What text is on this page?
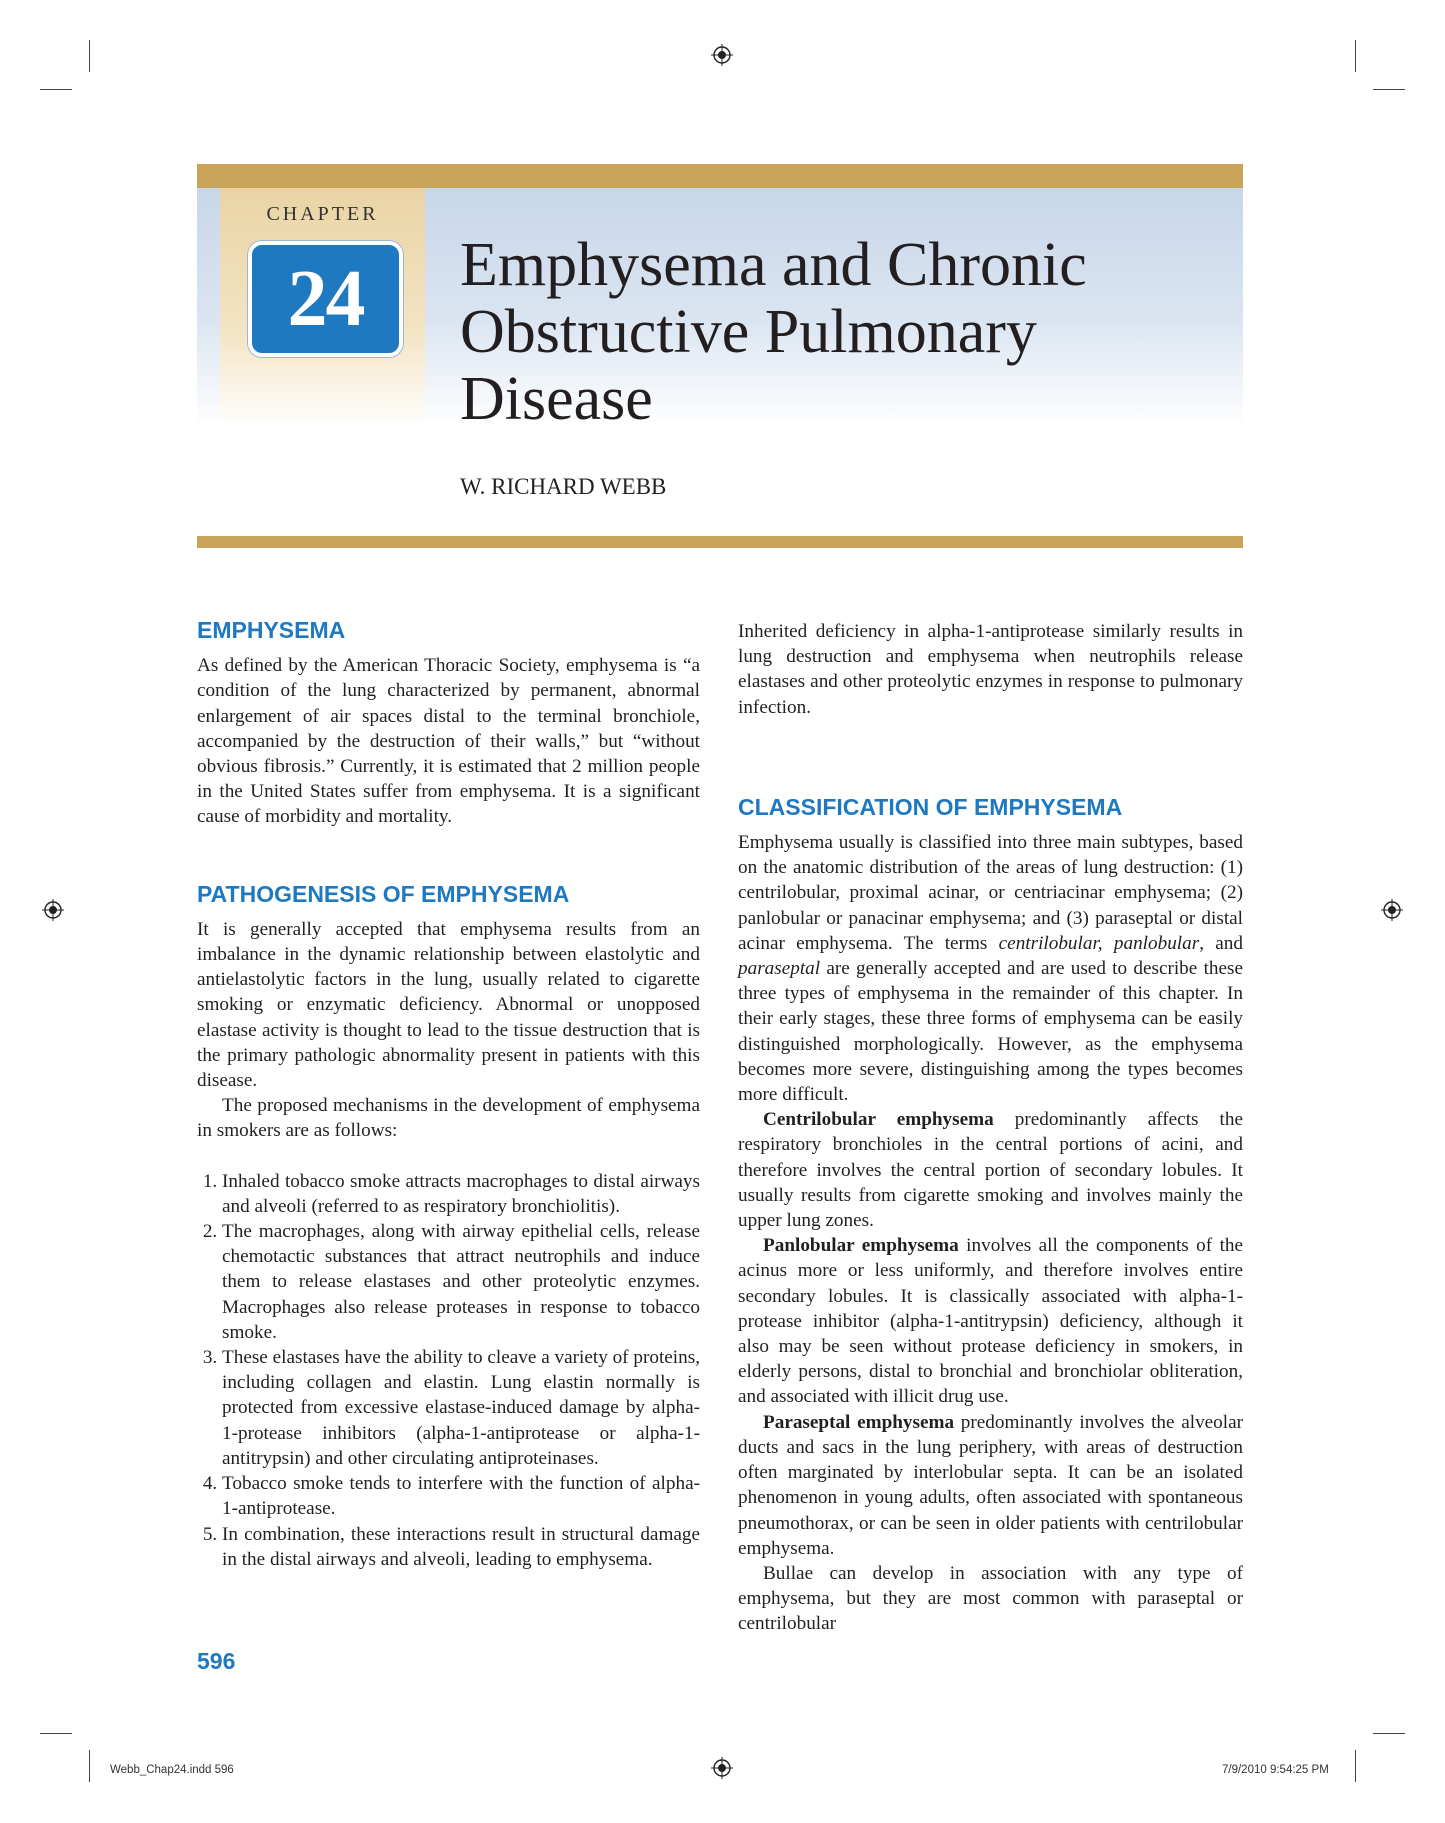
CHAPTER
24 Emphysema and Chronic
Obstructive Pulmonary
Disease
W. RICHARD WEBB
EMPHYSEMA

As defined by the American Thoracic Society, emphysema is “a condition of the lung characterized by permanent, abnormal enlargement of air spaces distal to the terminal bronchiole, accompanied by the destruction of their walls,” but “without obvious fibrosis.” Currently, it is estimated that 2 million people in the United States suffer from emphysema. It is a significant cause of morbidity and mortality.

PATHOGENESIS OF EMPHYSEMA

It is generally accepted that emphysema results from an imbalance in the dynamic relationship between elastolytic and antielastolytic factors in the lung, usually related to cigarette smoking or enzymatic deficiency. Abnormal or unopposed elastase activity is thought to lead to the tissue destruction that is the primary pathologic abnormality present in patients with this disease.

The proposed mechanisms in the development of emphysema in smokers are as follows:

1. Inhaled tobacco smoke attracts macrophages to distal airways and alveoli (referred to as respiratory bronchiolitis).
2. The macrophages, along with airway epithelial cells, release chemotactic substances that attract neutrophils and induce them to release elastases and other proteolytic enzymes. Macrophages also release proteases in response to tobacco smoke.
3. These elastases have the ability to cleave a variety of proteins, including collagen and elastin. Lung elastin normally is protected from excessive elastase-induced damage by alpha-1-protease inhibitors (alpha-1-antiprotease or alpha-1-antitrypsin) and other circulating antiproteinases.
4. Tobacco smoke tends to interfere with the function of alpha-1-antiprotease.
5. In combination, these interactions result in structural damage in the distal airways and alveoli, leading to emphysema.

Inherited deficiency in alpha-1-antiprotease similarly results in lung destruction and emphysema when neutrophils release elastases and other proteolytic enzymes in response to pulmonary infection.

CLASSIFICATION OF EMPHYSEMA

Emphysema usually is classified into three main subtypes, based on the anatomic distribution of the areas of lung destruction: (1) centrilobular, proximal acinar, or centriacinar emphysema; (2) panlobular or panacinar emphysema; and (3) paraseptal or distal acinar emphysema. The terms centrilobular, panlobular, and paraseptal are generally accepted and are used to describe these three types of emphysema in the remainder of this chapter. In their early stages, these three forms of emphysema can be easily distinguished morphologically. However, as the emphysema becomes more severe, distinguishing among the types becomes more difficult.

Centrilobular emphysema predominantly affects the respiratory bronchioles in the central portions of acini, and therefore involves the central portion of secondary lobules. It usually results from cigarette smoking and involves mainly the upper lung zones.

Panlobular emphysema involves all the components of the acinus more or less uniformly, and therefore involves entire secondary lobules. It is classically associated with alpha-1-protease inhibitor (alpha-1-antitrypsin) deficiency, although it also may be seen without protease deficiency in smokers, in elderly persons, distal to bronchial and bronchiolar obliteration, and associated with illicit drug use.

Paraseptal emphysema predominantly involves the alveolar ducts and sacs in the lung periphery, with areas of destruction often marginated by interlobular septa. It can be an isolated phenomenon in young adults, often associated with spontaneous pneumothorax, or can be seen in older patients with centrilobular emphysema.

Bullae can develop in association with any type of emphysema, but they are most common with paraseptal or centrilobular

596
Webb_Chap24.indd 596	7/9/2010 9:54:25 PM
